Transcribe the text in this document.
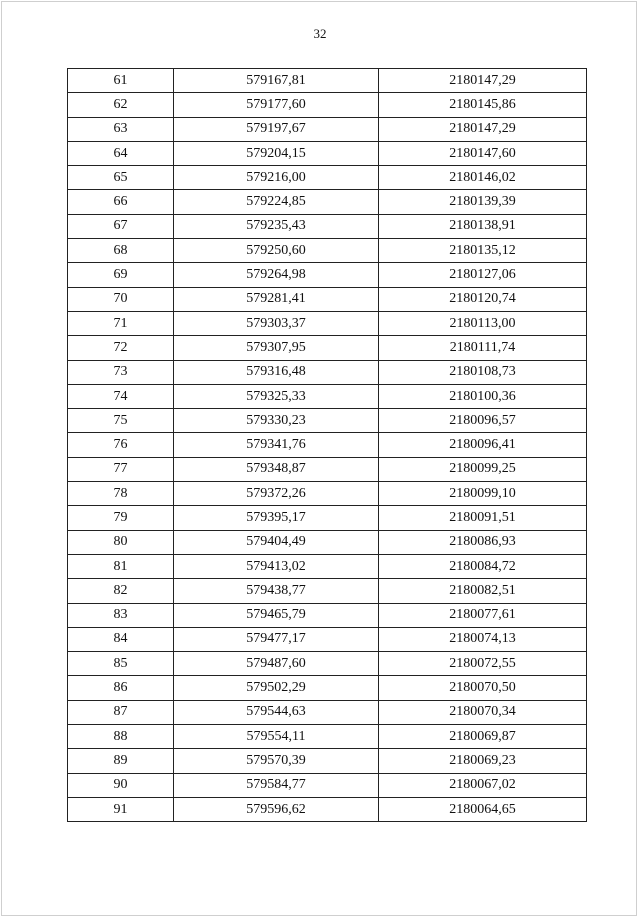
32
61	579167,81	2180147,29
62	579177,60	2180145,86
63	579197,67	2180147,29
64	579204,15	2180147,60
65	579216,00	2180146,02
66	579224,85	2180139,39
67	579235,43	2180138,91
68	579250,60	2180135,12
69	579264,98	2180127,06
70	579281,41	2180120,74
71	579303,37	2180113,00
72	579307,95	2180111,74
73	579316,48	2180108,73
74	579325,33	2180100,36
75	579330,23	2180096,57
76	579341,76	2180096,41
77	579348,87	2180099,25
78	579372,26	2180099,10
79	579395,17	2180091,51
80	579404,49	2180086,93
81	579413,02	2180084,72
82	579438,77	2180082,51
83	579465,79	2180077,61
84	579477,17	2180074,13
85	579487,60	2180072,55
86	579502,29	2180070,50
87	579544,63	2180070,34
88	579554,11	2180069,87
89	579570,39	2180069,23
90	579584,77	2180067,02
91	579596,62	2180064,65
